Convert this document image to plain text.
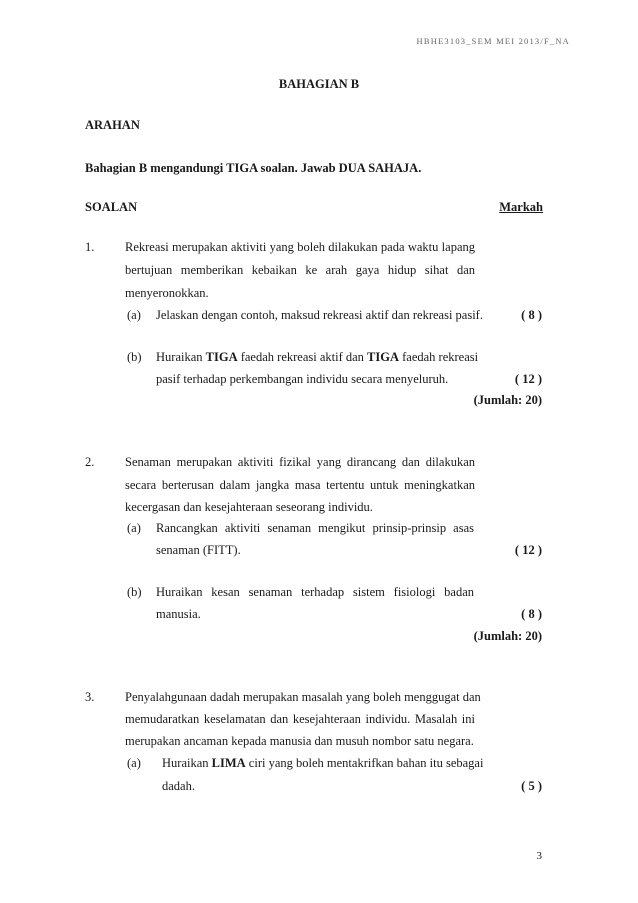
HBHE3103_SEM MEI 2013/F_NA
BAHAGIAN B
ARAHAN
Bahagian B mengandungi TIGA soalan. Jawab DUA SAHAJA.
SOALAN	Markah
1. Rekreasi merupakan aktiviti yang boleh dilakukan pada waktu lapang
bertujuan memberikan kebaikan ke arah gaya hidup sihat dan
menyeronokkan.
(a) Jelaskan dengan contoh, maksud rekreasi aktif dan rekreasi pasif.	( 8 )
(b) Huraikan TIGA faedah rekreasi aktif dan TIGA faedah rekreasi
pasif terhadap perkembangan individu secara menyeluruh.	( 12 )
(Jumlah: 20)
2. Senaman merupakan aktiviti fizikal yang dirancang dan dilakukan
secara berterusan dalam jangka masa tertentu untuk meningkatkan
kecergasan dan kesejahteraan seseorang individu.
(a) Rancangkan aktiviti senaman mengikut prinsip-prinsip asas
senaman (FITT).	( 12 )
(b) Huraikan kesan senaman terhadap sistem fisiologi badan
manusia.	( 8 )
(Jumlah: 20)
3. Penyalahgunaan dadah merupakan masalah yang boleh menggugat dan
memudaratkan keselamatan dan kesejahteraan individu. Masalah ini
merupakan ancaman kepada manusia dan musuh nombor satu negara.
(a) Huraikan LIMA ciri yang boleh mentakrifkan bahan itu sebagai
dadah.	( 5 )
3
